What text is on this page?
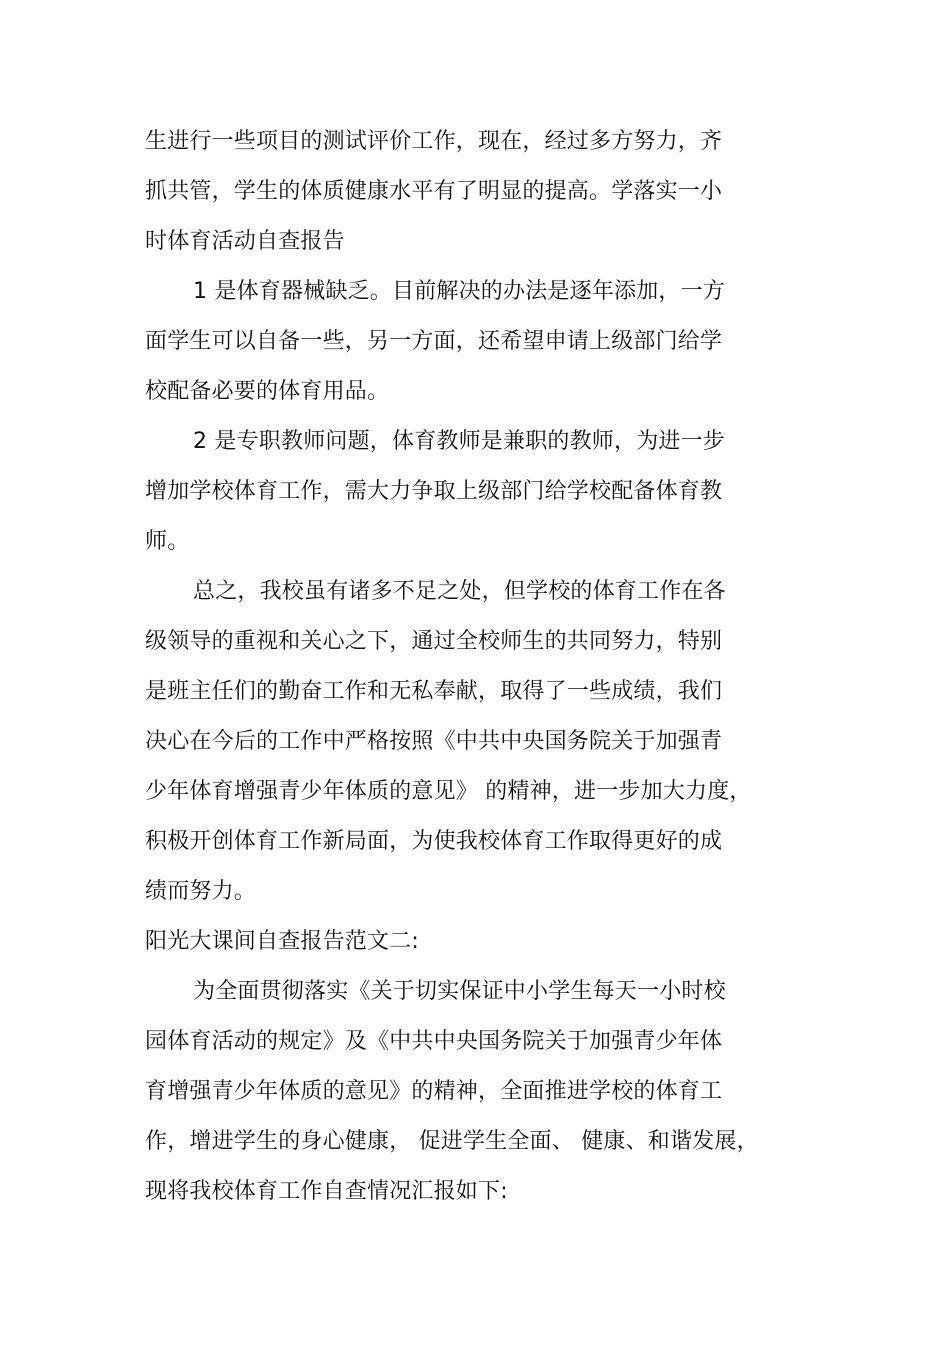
生进行一些项目的测试评价工作，现在，经过多方努力，齐
抓共管，学生的体质健康水平有了明显的提高。学落实一小
时体育活动自查报告
1 是体育器械缺乏。目前解决的办法是逐年添加，一方
面学生可以自备一些，另一方面，还希望申请上级部门给学
校配备必要的体育用品。
2 是专职教师问题，体育教师是兼职的教师，为进一步
增加学校体育工作，需大力争取上级部门给学校配备体育教
师。
总之，我校虽有诸多不足之处，但学校的体育工作在各
级领导的重视和关心之下，通过全校师生的共同努力，特别
是班主任们的勤奋工作和无私奉献，取得了一些成绩，我们
决心在今后的工作中严格按照《中共中央国务院关于加强青
少年体育增强青少年体质的意见》 的精神，进一步加大力度，
积极开创体育工作新局面，为使我校体育工作取得更好的成
绩而努力。
阳光大课间自查报告范文二:
为全面贯彻落实《关于切实保证中小学生每天一小时校
园体育活动的规定》及《中共中央国务院关于加强青少年体
育增强青少年体质的意见》的精神，全面推进学校的体育工
作，增进学生的身心健康， 促进学生全面、 健康、和谐发展，
现将我校体育工作自查情况汇报如下:
